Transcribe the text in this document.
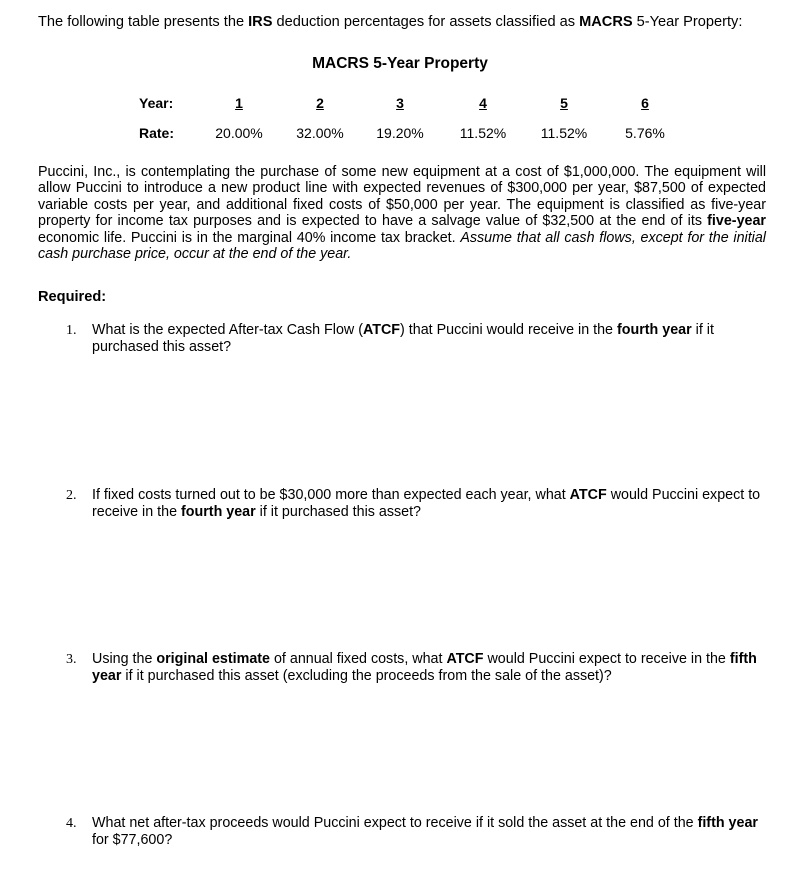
The following table presents the IRS deduction percentages for assets classified as MACRS 5-Year Property:
MACRS 5-Year Property
Year:	1	2	3	4	5	6
Rate:	20.00%	32.00%	19.20%	11.52%	11.52%	5.76%
Puccini, Inc., is contemplating the purchase of some new equipment at a cost of $1,000,000. The equipment will allow Puccini to introduce a new product line with expected revenues of $300,000 per year, $87,500 of expected variable costs per year, and additional fixed costs of $50,000 per year. The equipment is classified as five-year property for income tax purposes and is expected to have a salvage value of $32,500 at the end of its five-year economic life. Puccini is in the marginal 40% income tax bracket. Assume that all cash flows, except for the initial cash purchase price, occur at the end of the year.
Required:
1. What is the expected After-tax Cash Flow (ATCF) that Puccini would receive in the fourth year if it purchased this asset?
2. If fixed costs turned out to be $30,000 more than expected each year, what ATCF would Puccini expect to receive in the fourth year if it purchased this asset?
3. Using the original estimate of annual fixed costs, what ATCF would Puccini expect to receive in the fifth year if it purchased this asset (excluding the proceeds from the sale of the asset)?
4. What net after-tax proceeds would Puccini expect to receive if it sold the asset at the end of the fifth year for $77,600?
